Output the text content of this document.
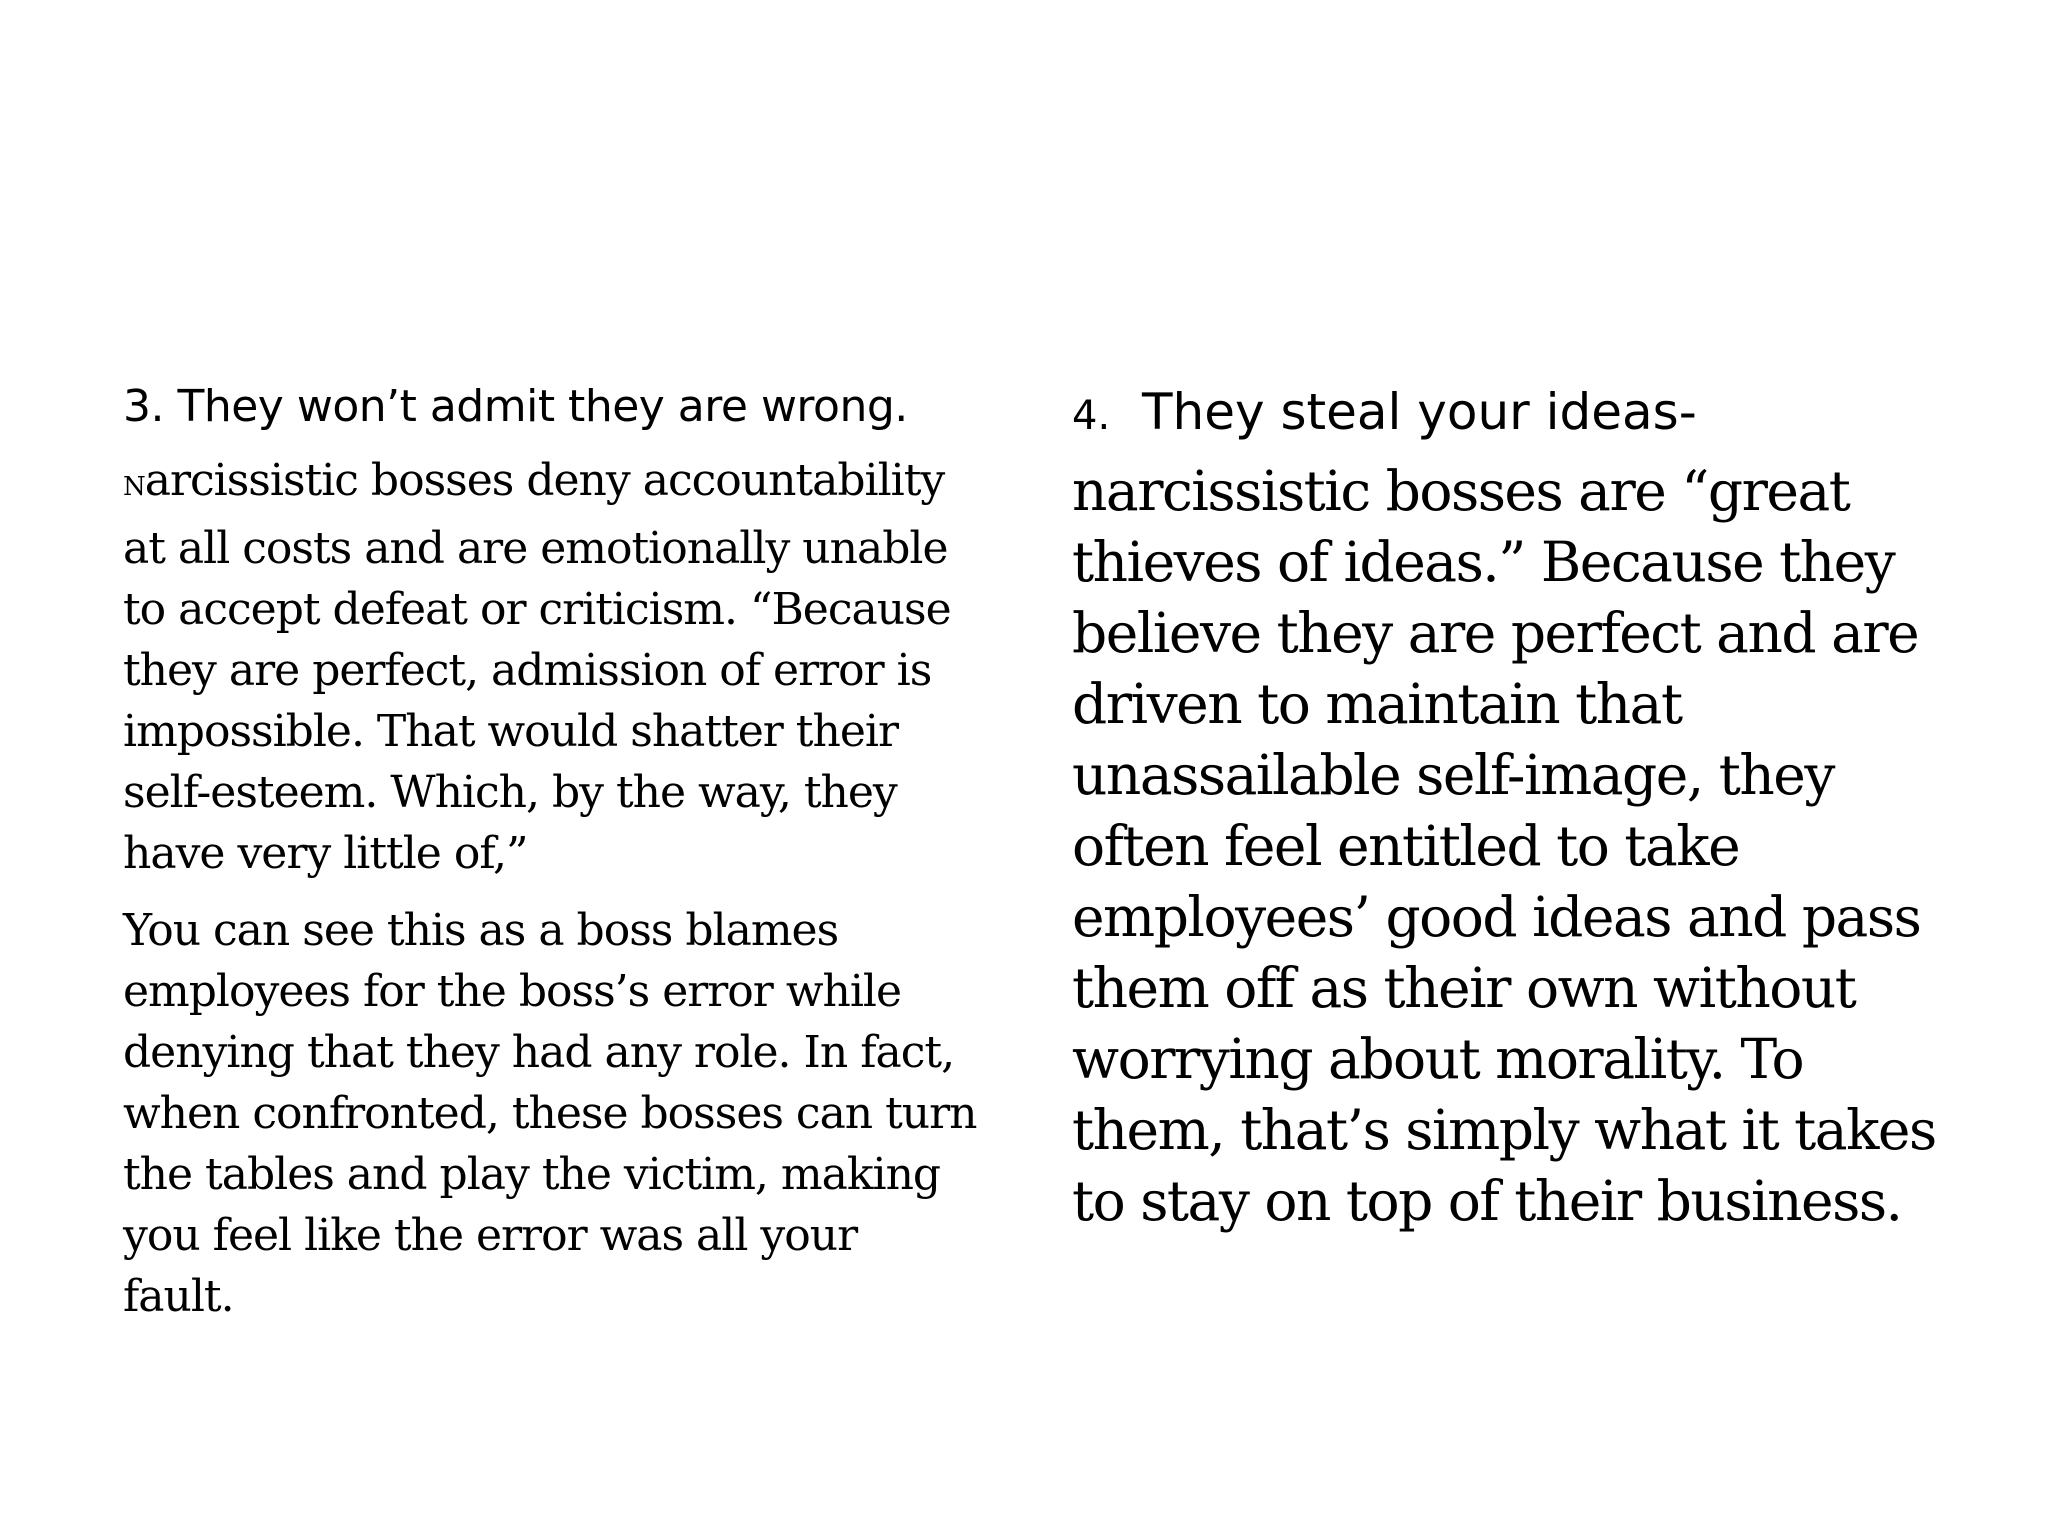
3. They won’t admit they are wrong.

Narcissistic bosses deny accountability
at all costs and are emotionally unable
to accept defeat or criticism. “Because
they are perfect, admission of error is
impossible. That would shatter their
self-esteem. Which, by the way, they
have very little of,”

You can see this as a boss blames
employees for the boss’s error while
denying that they had any role. In fact,
when confronted, these bosses can turn
the tables and play the victim, making
you feel like the error was all your
fault.

4. They steal your ideas-

narcissistic bosses are “great
thieves of ideas.” Because they
believe they are perfect and are
driven to maintain that
unassailable self-image, they
often feel entitled to take
employees’ good ideas and pass
them off as their own without
worrying about morality. To
them, that’s simply what it takes
to stay on top of their business.
